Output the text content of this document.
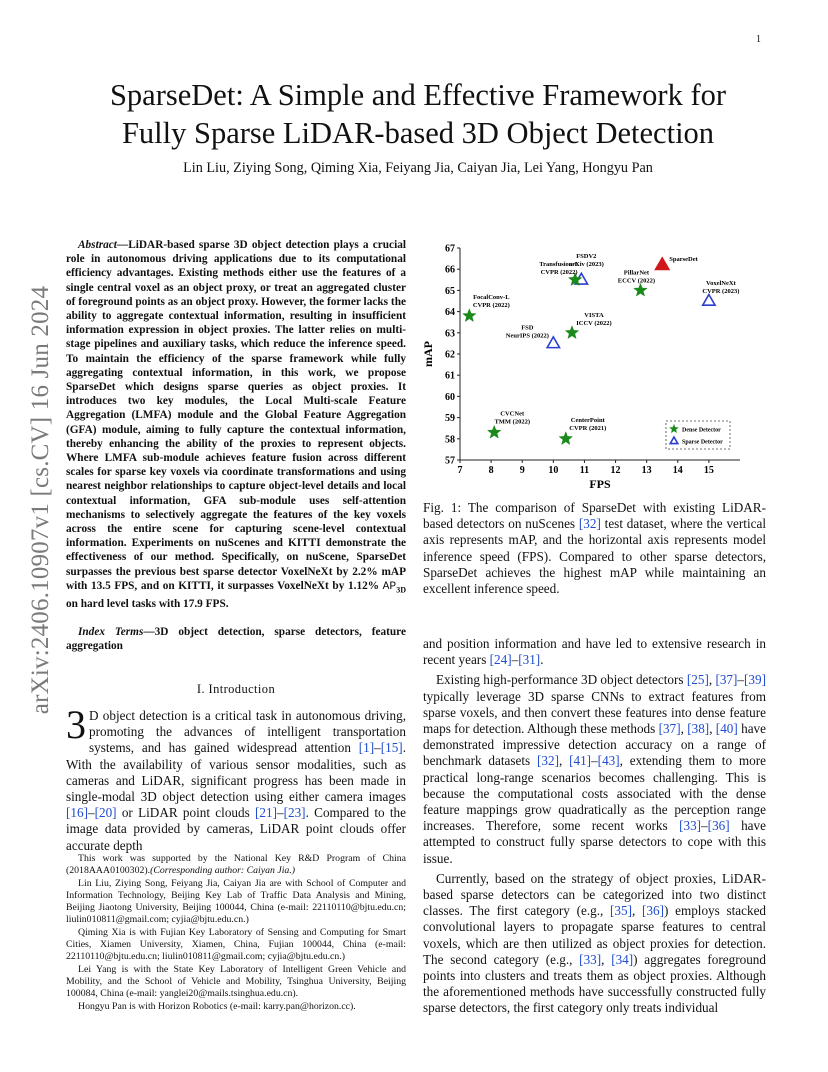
1
arXiv:2406.10907v1 [cs.CV] 16 Jun 2024
SparseDet: A Simple and Effective Framework for
Fully Sparse LiDAR-based 3D Object Detection
Lin Liu, Ziying Song, Qiming Xia, Feiyang Jia, Caiyan Jia, Lei Yang, Hongyu Pan
Abstract—LiDAR-based sparse 3D object detection plays a crucial role in autonomous driving applications due to its computational efficiency advantages. Existing methods either use the features of a single central voxel as an object proxy, or treat an aggregated cluster of foreground points as an object proxy. However, the former lacks the ability to aggregate contextual information, resulting in insufficient information expression in object proxies. The latter relies on multi-stage pipelines and auxiliary tasks, which reduce the inference speed. To maintain the efficiency of the sparse framework while fully aggregating contextual information, in this work, we propose SparseDet which designs sparse queries as object proxies. It introduces two key modules, the Local Multi-scale Feature Aggregation (LMFA) module and the Global Feature Aggregation (GFA) module, aiming to fully capture the contextual information, thereby enhancing the ability of the proxies to represent objects. Where LMFA sub-module achieves feature fusion across different scales for sparse key voxels via coordinate transformations and using nearest neighbor relationships to capture object-level details and local contextual information, GFA sub-module uses self-attention mechanisms to selectively aggregate the features of the key voxels across the entire scene for capturing scene-level contextual information. Experiments on nuScenes and KITTI demonstrate the effectiveness of our method. Specifically, on nuScene, SparseDet surpasses the previous best sparse detector VoxelNeXt by 2.2% mAP with 13.5 FPS, and on KITTI, it surpasses VoxelNeXt by 1.12% $AP_{3D}$ on hard level tasks with 17.9 FPS.
Index Terms—3D object detection, sparse detectors, feature aggregation
I. Introduction
3 D object detection is a critical task in autonomous driving, promoting the advances of intelligent transportation systems, and has gained widespread attention [1]–[15]. With the availability of various sensor modalities, such as cameras and LiDAR, significant progress has been made in single-modal 3D object detection using either camera images [16]–[20] or LiDAR point clouds [21]–[23]. Compared to the image data provided by cameras, LiDAR point clouds offer accurate depth

This work was supported by the National Key R&D Program of China (2018AAA0100302).(Corresponding author: Caiyan Jia.)

Lin Liu, Ziying Song, Feiyang Jia, Caiyan Jia are with School of Computer and Information Technology, Beijing Key Lab of Traffic Data Analysis and Mining, Beijing Jiaotong University, Beijing 100044, China (e-mail: 22110110@bjtu.edu.cn; liulin010811@gmail.com; cyjia@bjtu.edu.cn.)

Qiming Xia is with Fujian Key Laboratory of Sensing and Computing for Smart Cities, Xiamen University, Xiamen, China, Fujian 100044, China (e-mail: 22110110@bjtu.edu.cn; liulin010811@gmail.com; cyjia@bjtu.edu.cn.)

Lei Yang is with the State Key Laboratory of Intelligent Green Vehicle and Mobility, and the School of Vehicle and Mobility, Tsinghua University, Beijing 100084, China (e-mail: yanglei20@mails.tsinghua.edu.cn).

Hongyu Pan is with Horizon Robotics (e-mail: karry.pan@horizon.cc).

7	8	9 10 11 12 13 14 15
57
58
59
60
61
62
63
64
65
66
67
FPS
mAP
SparseDet
FSDV2
arXiv (2023)
Transfusion-L
CVPR (2022)	PillarNet
ECCV (2022)	VoxelNeXt
CVPR (2023)
FocalConv-L
CVPR (2022)
VISTA
ICCV (2022)
FSD
NeurIPS (2022)
CVCNet
TMM (2022)	CenterPoint
CVPR (2021)	Dense Detector
Sparse Detector
Fig. 1: The comparison of SparseDet with existing LiDAR-based detectors on nuScenes [32] test dataset, where the vertical axis represents mAP, and the horizontal axis represents model inference speed (FPS). Compared to other sparse detectors, SparseDet achieves the highest mAP while maintaining an excellent inference speed.

and position information and have led to extensive research in recent years [24]–[31].

Existing high-performance 3D object detectors [25], [37]–[39] typically leverage 3D sparse CNNs to extract features from sparse voxels, and then convert these features into dense feature maps for detection. Although these methods [37], [38], [40] have demonstrated impressive detection accuracy on a range of benchmark datasets [32], [41]–[43], extending them to more practical long-range scenarios becomes challenging. This is because the computational costs associated with the dense feature mappings grow quadratically as the perception range increases. Therefore, some recent works [33]–[36] have attempted to construct fully sparse detectors to cope with this issue.

Currently, based on the strategy of object proxies, LiDAR-based sparse detectors can be categorized into two distinct classes. The first category (e.g., [35], [36]) employs stacked convolutional layers to propagate sparse features to central voxels, which are then utilized as object proxies for detection. The second category (e.g., [33], [34]) aggregates foreground points into clusters and treats them as object proxies. Although the aforementioned methods have successfully constructed fully sparse detectors, the first category only treats individual
